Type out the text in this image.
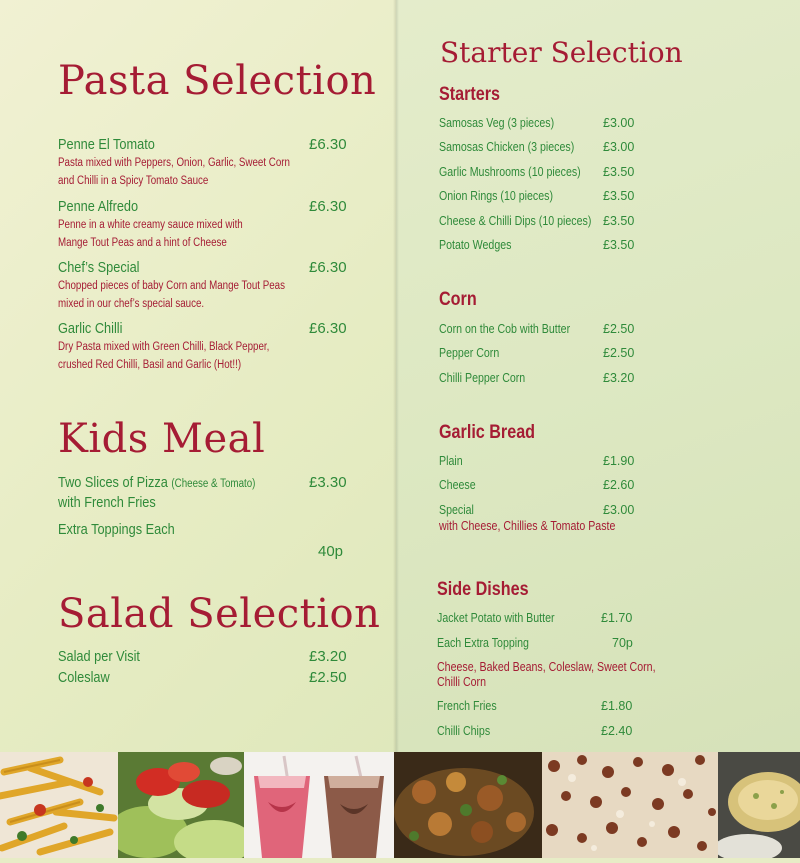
Pasta Selection
Penne El Tomato	£6.30
Pasta mixed with Peppers, Onion, Garlic, Sweet Corn
and Chilli in a Spicy Tomato Sauce
Penne Alfredo	£6.30
Penne in a white creamy sauce mixed with
Mange Tout Peas and a hint of Cheese
Chef’s Special	£6.30
Chopped pieces of baby Corn and Mange Tout Peas
mixed in our chef’s special sauce.
Garlic Chilli	£6.30
Dry Pasta mixed with Green Chilli, Black Pepper,
crushed Red Chilli, Basil and Garlic (Hot!!)
Kids Meal
Two Slices of Pizza (Cheese & Tomato)	£3.30
with French Fries
Extra Toppings Each
40p
Salad Selection
Salad per Visit	£3.20
Coleslaw	£2.50
Starter Selection
Starters
Samosas Veg (3 pieces)	£3.00
Samosas Chicken (3 pieces) £3.00
Garlic Mushrooms (10 pieces) £3.50
Onion Rings (10 pieces)	£3.50
Cheese & Chilli Dips (10 pieces) £3.50
Potato Wedges	£3.50
Corn
Corn on the Cob with Butter	£2.50
Pepper Corn	£2.50
Chilli Pepper Corn	£3.20
Garlic Bread
Plain	£1.90
Cheese	£2.60
Special	£3.00
with Cheese, Chillies & Tomato Paste
Side Dishes
Jacket Potato with Butter	£1.70
Each Extra Topping	70p
Cheese, Baked Beans, Coleslaw, Sweet Corn,
Chilli Corn
French Fries	£1.80
Chilli Chips	£2.40
